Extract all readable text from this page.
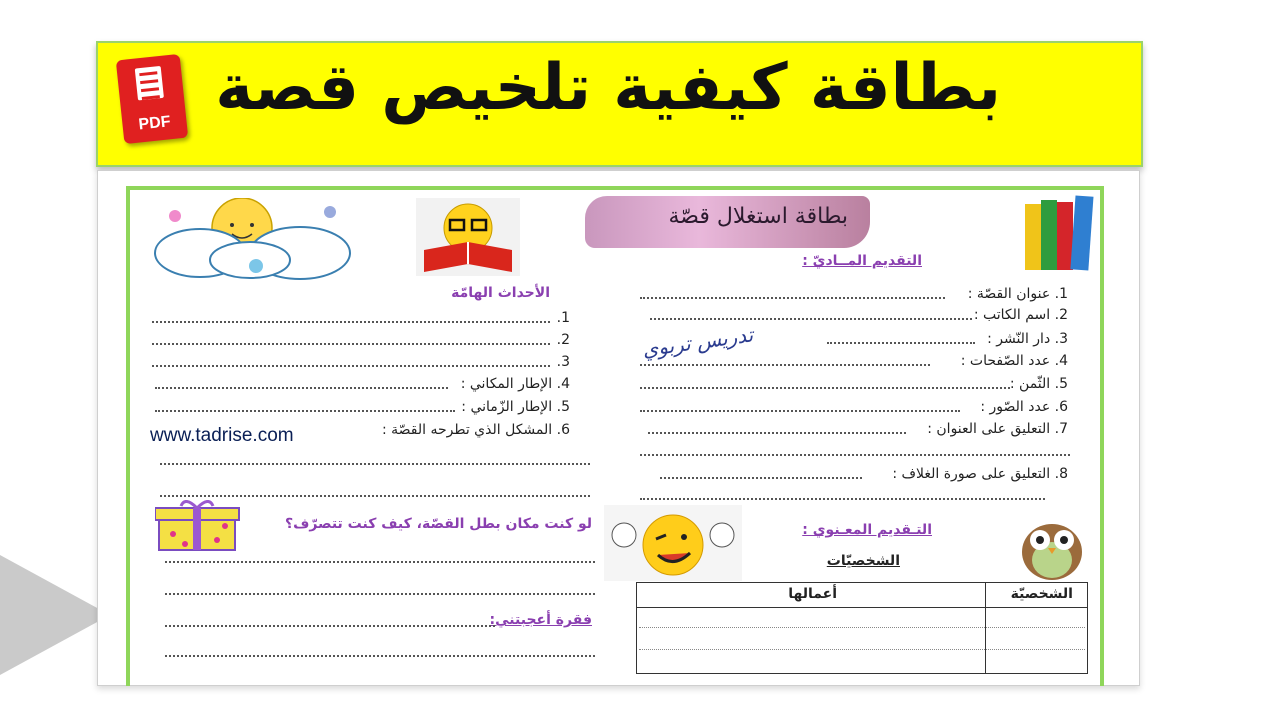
PDF بطاقة كيفية تلخيص قصة
بطاقة استغلال قصّة
التقديم المــاديّ :
1. عنوان القصّة :
2. اسم الكاتب :
3. دار النّشر :
4. عدد الصّفحات :
5. الثّمن :
6. عدد الصّور :
7. التعليق على العنوان :
8. التعليق على صورة الغلاف :
تدريس تربوي
التـقديم المعـنوي :
الشخصيّات
الشخصيّة
أعمالها
الأحداث الهامّة
1.
2.
3.
4. الإطار المكاني :
5. الإطار الزّماني :
6. المشكل الذي تطرحه القصّة :
www.tadrise.com
لو كنت مكان بطل القصّة، كيف كنت تتصرّف؟
فقرة أعجبتني:
